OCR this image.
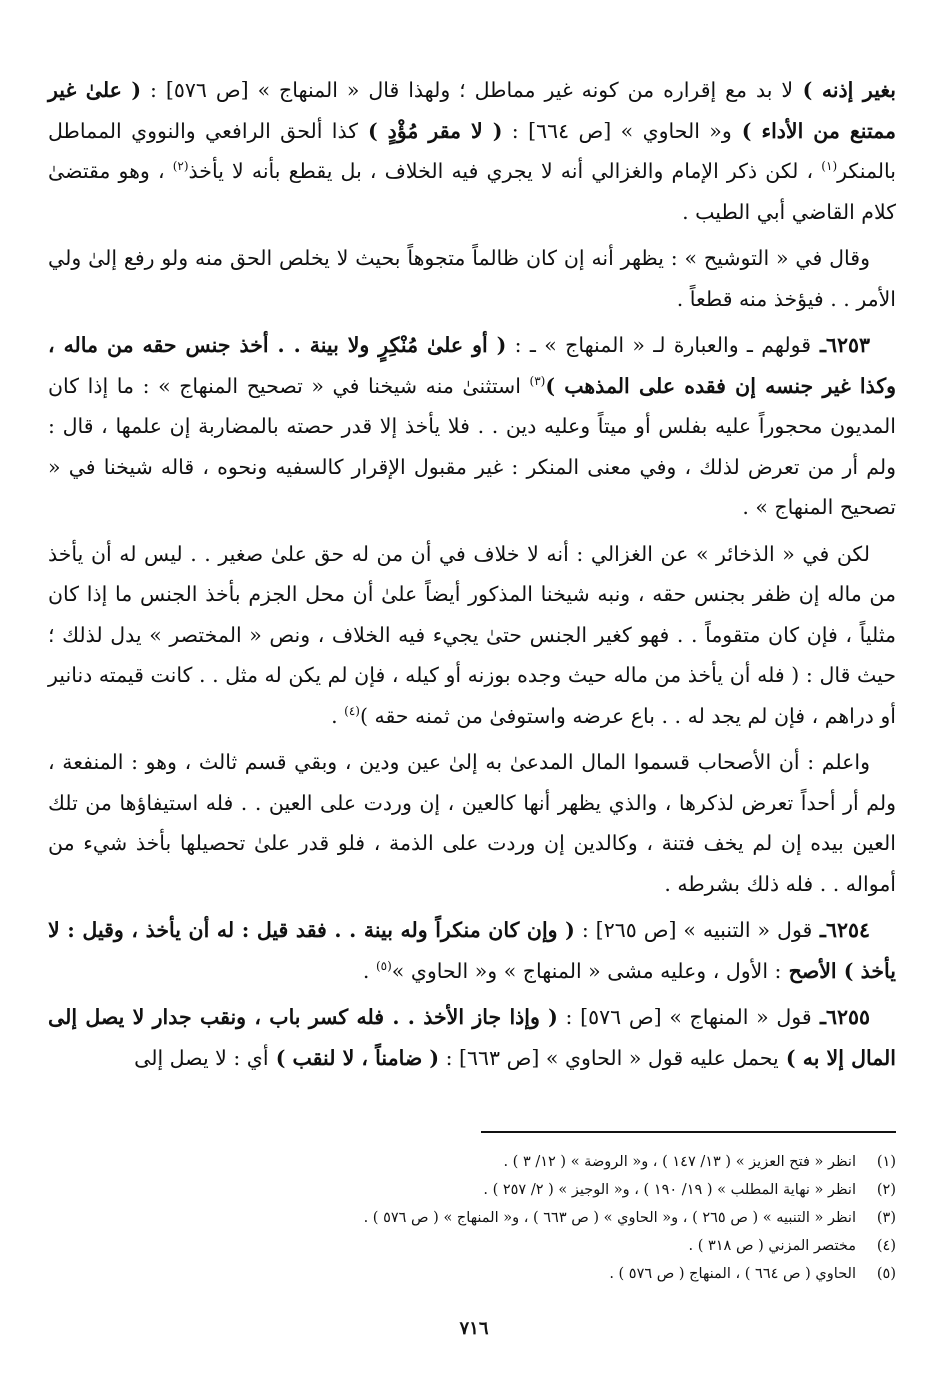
بغير إذنه ) لا بد مع إقراره من كونه غير مماطل ؛ ولهذا قال « المنهاج » [ص ٥٧٦] : ( علىٰ غير ممتنع من الأداء ) و« الحاوي » [ص ٦٦٤] : ( لا مقر مُؤْدٍ ) كذا ألحق الرافعي والنووي المماطل بالمنكر$^{(١)}$ ، لكن ذكر الإمام والغزالي أنه لا يجري فيه الخلاف ، بل يقطع بأنه لا يأخذ$^{(٢)}$ ، وهو مقتضىٰ كلام القاضي أبي الطيب .

وقال في « التوشيح » : يظهر أنه إن كان ظالماً متجوهاً بحيث لا يخلص الحق منه ولو رفع إلىٰ ولي الأمر . . فيؤخذ منه قطعاً .

٦٢٥٣ـ قولهم ـ والعبارة لـ « المنهاج » ـ : ( أو علىٰ مُنْكِرٍ ولا بينة . . أخذ جنس حقه من ماله ، وكذا غير جنسه إن فقده على المذهب )$^{(٣)}$ استثنىٰ منه شيخنا في « تصحيح المنهاج » : ما إذا كان المديون محجوراً عليه بفلس أو ميتاً وعليه دين . . فلا يأخذ إلا قدر حصته بالمضاربة إن علمها ، قال : ولم أر من تعرض لذلك ، وفي معنى المنكر : غير مقبول الإقرار كالسفيه ونحوه ، قاله شيخنا في « تصحيح المنهاج » .

لكن في « الذخائر » عن الغزالي : أنه لا خلاف في أن من له حق علىٰ صغير . . ليس له أن يأخذ من ماله إن ظفر بجنس حقه ، ونبه شيخنا المذكور أيضاً علىٰ أن محل الجزم بأخذ الجنس ما إذا كان مثلياً ، فإن كان متقوماً . . فهو كغير الجنس حتىٰ يجيء فيه الخلاف ، ونص « المختصر » يدل لذلك ؛ حيث قال : ( فله أن يأخذ من ماله حيث وجده بوزنه أو كيله ، فإن لم يكن له مثل . . كانت قيمته دنانير أو دراهم ، فإن لم يجد له . . باع عرضه واستوفىٰ من ثمنه حقه )$^{(٤)}$ .

واعلم : أن الأصحاب قسموا المال المدعىٰ به إلىٰ عين ودين ، وبقي قسم ثالث ، وهو : المنفعة ، ولم أر أحداً تعرض لذكرها ، والذي يظهر أنها كالعين ، إن وردت على العين . . فله استيفاؤها من تلك العين بيده إن لم يخف فتنة ، وكالدين إن وردت على الذمة ، فلو قدر علىٰ تحصيلها بأخذ شيء من أمواله . . فله ذلك بشرطه .

٦٢٥٤ـ قول « التنبيه » [ص ٢٦٥] : ( وإن كان منكراً وله بينة . . فقد قيل : له أن يأخذ ، وقيل : لا يأخذ ) الأصح : الأول ، وعليه مشى « المنهاج » و« الحاوي »$^{(٥)}$ .

٦٢٥٥ـ قول « المنهاج » [ص ٥٧٦] : ( وإذا جاز الأخذ . . فله كسر باب ، ونقب جدار لا يصل إلى المال إلا به ) يحمل عليه قول « الحاوي » [ص ٦٦٣] : ( ضامناً ، لا لنقب ) أي : لا يصل إلى

(١)
انظر « فتح العزيز » ( ١٣/ ١٤٧ ) ، و« الروضة » ( ١٢/ ٣ ) .
(٢)
انظر « نهاية المطلب » ( ١٩/ ١٩٠ ) ، و« الوجيز » ( ٢/ ٢٥٧ ) .
(٣)
انظر « التنبيه » ( ص ٢٦٥ ) ، و« الحاوي » ( ص ٦٦٣ ) ، و« المنهاج » ( ص ٥٧٦ ) .
(٤)
مختصر المزني ( ص ٣١٨ ) .
(٥)
الحاوي ( ص ٦٦٤ ) ، المنهاج ( ص ٥٧٦ ) .
٧١٦
